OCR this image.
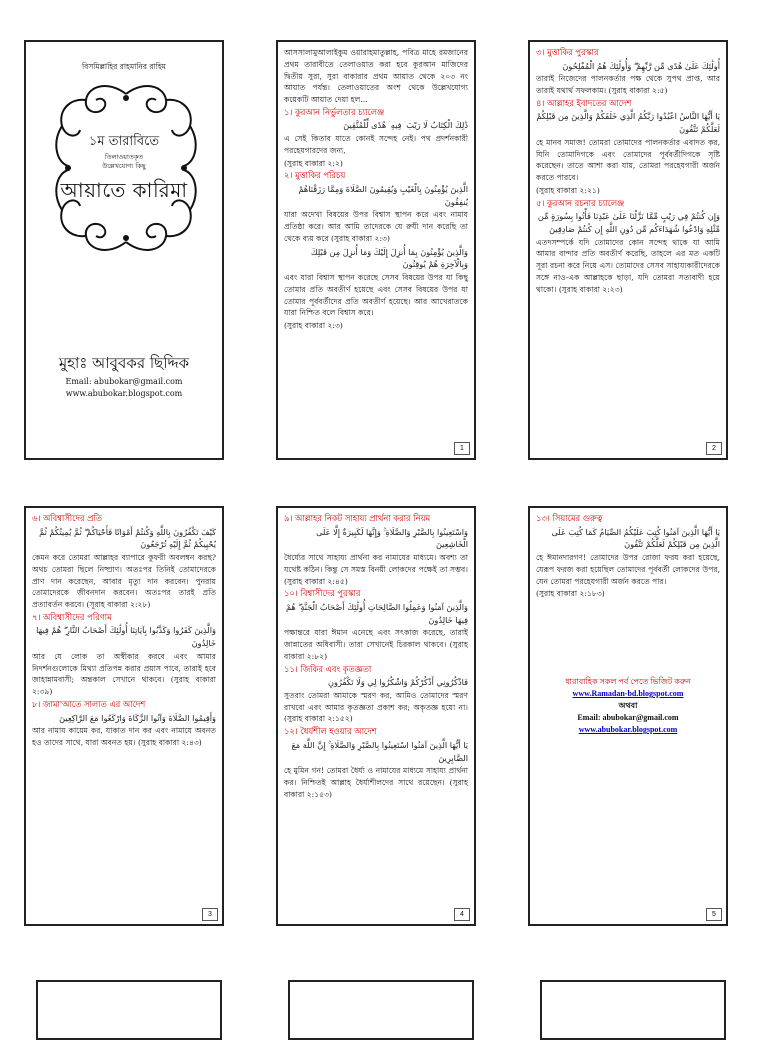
বিসমিল্লাহির রাহমানির রাহিম
১ম তারাবিতে
তিলাওয়াতকৃত
উল্লেখযোগ্য কিছু
আয়াতে কারিমা
মুহাঃ আবুবকর ছিদ্দিক
Email: abubokar@gmail.com
www.abubokar.blogspot.com
আসসালামুআলাইকুম ওয়ারাহমাতুল্লাহ, পবিত্র মাহে রমজানের প্রথম তারাবীতে তেলাওয়াত করা হবে কুরআন মাজিদের দ্বিতীয় সুরা, সুরা বাকারার প্রথম আয়াত থেকে ২০৩ নং আয়াত পর্যন্ত। তেলাওয়াতের অংশ থেকে উল্লেখযোগ্য কয়েকটি আয়াত দেয়া হল...
১। কুরআন নির্ভুলতার চ্যালেঞ্জ
ذَٰلِكَ الْكِتَابُ لَا رَيْبَ ۛ فِيهِ ۛ هُدًى لِّلْمُتَّقِينَ
এ সেই কিতাব যাতে কোনই সন্দেহ নেই। পথ প্রদর্শনকারী পরহেযগারদের জন্য,
(সুরাহ বাকারা ২:২)
২। মুত্তাকির পরিচয়
الَّذِينَ يُؤْمِنُونَ بِالْغَيْبِ وَيُقِيمُونَ الصَّلَاةَ وَمِمَّا رَزَقْنَاهُمْ يُنفِقُونَ
যারা অদেখা বিষয়ের উপর বিশ্বাস স্থাপন করে এবং নামায প্রতিষ্ঠা করে। আর আমি তাদেরকে যে রুযী দান করেছি তা থেকে ব্যয় করে (সুরাহ বাকারা ২:৩)
وَالَّذِينَ يُؤْمِنُونَ بِمَا أُنزِلَ إِلَيْكَ وَمَا أُنزِلَ مِن قَبْلِكَ وَبِالْآخِرَةِ هُمْ يُوقِنُونَ
এবং যারা বিশ্বাস স্থাপন করেছে সেসব বিষয়ের উপর যা কিছু তোমার প্রতি অবতীর্ণ হয়েছে এবং সেসব বিষয়ের উপর যা তোমার পূর্ববর্তীদের প্রতি অবতীর্ণ হয়েছে। আর আখেরাতকে যারা নিশ্চিত বলে বিশ্বাস করে।
(সুরাহ বাকারা ২:৩)
1
৩। মুত্তাকির পুরস্কার
أُولَٰئِكَ عَلَىٰ هُدًى مِّن رَّبِّهِمْ ۖ وَأُولَٰئِكَ هُمُ الْمُفْلِحُونَ
তারাই নিজেদের পালনকর্তার পক্ষ থেকে সুপথ প্রাপ্ত, আর তারাই যথার্থ সফলকাম। (সুরাহ বাকারা ২:৫)
৪। আল্লাহর ইবাদতের আদেশ
يَا أَيُّهَا النَّاسُ اعْبُدُوا رَبَّكُمُ الَّذِي خَلَقَكُمْ وَالَّذِينَ مِن قَبْلِكُمْ لَعَلَّكُمْ تَتَّقُونَ
হে মানব সমাজ! তোমরা তোমাদের পালনকর্তার এবাদত কর, যিনি তোমাদিগকে এবং তোমাদের পূর্ববর্তীদিগকে সৃষ্টি করেছেন। তাতে আশা করা যায়, তোমরা পরহেযগারী অর্জন করতে পারবে।
(সুরাহ বাকারা ২:২১)
৫। কুরআন রচনার চ্যালেঞ্জ
وَإِن كُنتُمْ فِي رَيْبٍ مِّمَّا نَزَّلْنَا عَلَىٰ عَبْدِنَا فَأْتُوا بِسُورَةٍ مِّن مِّثْلِهِ وَادْعُوا شُهَدَاءَكُم مِّن دُونِ اللَّهِ إِن كُنتُمْ صَادِقِينَ
এতদসম্পর্কে যদি তোমাদের কোন সন্দেহ থাকে যা আমি আমার বান্দার প্রতি অবতীর্ণ করেছি, তাহলে এর মত একটি সূরা রচনা করে নিয়ে এস। তোমাদের সেসব সাহায্যকারীদেরকে সঙ্গে নাও-এক আল্লাহকে ছাড়া, যদি তোমরা সত্যবাদী হয়ে থাকো। (সুরাহ বাকারা ২:২৩)
2
৬। অবিশ্বাসীদের প্রতি
كَيْفَ تَكْفُرُونَ بِاللَّهِ وَكُنتُمْ أَمْوَاتًا فَأَحْيَاكُمْ ۖ ثُمَّ يُمِيتُكُمْ ثُمَّ يُحْيِيكُمْ ثُمَّ إِلَيْهِ تُرْجَعُونَ
কেমন করে তোমরা আল্লাহর ব্যাপারে কুফরী অবলম্বন করছ? অথচ তোমরা ছিলে নিষ্প্রাণ। অতঃপর তিনিই তোমাদেরকে প্রাণ দান করেছেন, আবার মৃত্যু দান করবেন। পুনরায় তোমাদেরকে জীবনদান করবেন। অতঃপর তারই প্রতি প্রত্যাবর্তন করবে। (সূরাহ বাকারা ২:২৮)
৭। অবিশ্বাসীদের পরিণাম
وَالَّذِينَ كَفَرُوا وَكَذَّبُوا بِآيَاتِنَا أُولَٰئِكَ أَصْحَابُ النَّارِ ۖ هُمْ فِيهَا خَالِدُونَ
আর যে লোক তা অস্বীকার করবে এবং আমার নিদর্শনগুলোকে মিথ্যা প্রতিপন্ন করার প্রয়াস পাবে, তারাই হবে জাহান্নামবাসী; অন্তকাল সেখানে থাকবে। (সুরাহ বাকারা ২:৩৯)
৮। জামা'আতে সালাত এর আদেশ
وَأَقِيمُوا الصَّلَاةَ وَآتُوا الزَّكَاةَ وَارْكَعُوا مَعَ الرَّاكِعِينَ
আর নামায কায়েম কর, যাকাত দান কর এবং নামাযে অবনত হও তাদের সাথে, যারা অবনত হয়। (সুরাহ বাকারা ২:৪৩)
3
৯। আল্লাহর নিকট সাহায্য প্রার্থনা করার নিয়ম
وَاسْتَعِينُوا بِالصَّبْرِ وَالصَّلَاةِ ۚ وَإِنَّهَا لَكَبِيرَةٌ إِلَّا عَلَى الْخَاشِعِينَ
ধৈর্য্যের সাথে সাহায্য প্রার্থনা কর নামাযের মাধ্যমে। অবশ্য তা যথেষ্ট কঠিন। কিন্তু সে সমস্ত বিনয়ী লোকদের পক্ষেই তা সম্ভব। (সুরাহ বাকারা ২:৪৫)
১০। বিশ্বাসীদের পুরস্কার
وَالَّذِينَ آمَنُوا وَعَمِلُوا الصَّالِحَاتِ أُولَٰئِكَ أَصْحَابُ الْجَنَّةِ ۖ هُمْ فِيهَا خَالِدُونَ
পক্ষান্তরে যারা ঈমান এনেছে এবং সৎকাজ করেছে, তারাই জান্নাতের অধিবাসী। তারা সেখানেই চিরকাল থাকবে। (সুরাহ বাকারা ২:৮২)
১১। জিকির এবং কৃতজ্ঞতা
فَاذْكُرُونِي أَذْكُرْكُمْ وَاشْكُرُوا لِي وَلَا تَكْفُرُونِ
সুতরাং তোমরা আমাকে স্মরণ কর, আমিও তোমাদের স্মরণ রাখবো এবং আমার কৃতজ্ঞতা প্রকাশ কর; অকৃতজ্ঞ হয়ো না। (সুরাহ বাকারা ২:১৫২)
১২। ধৈর্যশীল হওয়ার আদেশ
يَا أَيُّهَا الَّذِينَ آمَنُوا اسْتَعِينُوا بِالصَّبْرِ وَالصَّلَاةِ ۚ إِنَّ اللَّهَ مَعَ الصَّابِرِينَ
হে মুমিন গন! তোমরা ধৈর্য্য ও নামাযের মাধ্যমে সাহায্য প্রার্থনা কর। নিশ্চিতই আল্লাহ ধৈর্য্যশীলদের সাথে রয়েছেন। (সুরাহ বাকারা ২:১৫৩)
4
১৩। সিয়ামের গুরুত্ব
يَا أَيُّهَا الَّذِينَ آمَنُوا كُتِبَ عَلَيْكُمُ الصِّيَامُ كَمَا كُتِبَ عَلَى الَّذِينَ مِن قَبْلِكُمْ لَعَلَّكُمْ تَتَّقُونَ
হে ঈমানদারগণ! তোমাদের উপর রোজা ফরয করা হয়েছে, যেরূপ ফরজ করা হয়েছিল তোমাদের পূর্ববর্তী লোকদের উপর, যেন তোমরা পরহেযগারী অর্জন করতে পার।
(সুরাহ বাকারা ২:১৮৩)
ধারাবাহিক সকল পর্ব পেতে ভিজিট করুন
www.Ramadan-bd.blogspot.com
অথবা
Email: abubokar@gmail.com
www.abubokar.blogspot.com
5
